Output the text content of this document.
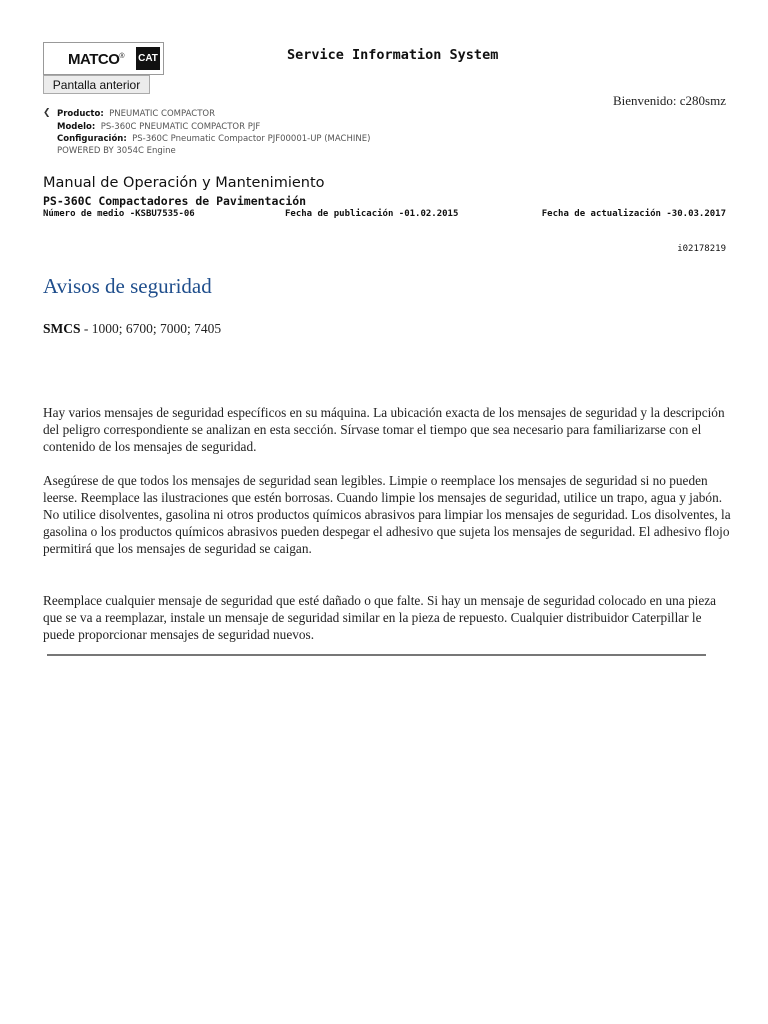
MATCO® CAT
Pantalla anterior
Service Information System
Bienvenido: c280smz
❮ Producto: PNEUMATIC COMPACTOR
Modelo: PS-360C PNEUMATIC COMPACTOR PJF
Configuración: PS-360C Pneumatic Compactor PJF00001-UP (MACHINE)
POWERED BY 3054C Engine
Manual de Operación y Mantenimiento
PS-360C Compactadores de Pavimentación
Número de medio -KSBU7535-06	Fecha de publicación -01.02.2015	Fecha de actualización -30.03.2017
i02178219
Avisos de seguridad
SMCS - 1000; 6700; 7000; 7405

Hay varios mensajes de seguridad específicos en su máquina. La ubicación exacta de los mensajes de seguridad y la descripción del peligro correspondiente se analizan en esta sección. Sírvase tomar el tiempo que sea necesario para familiarizarse con el contenido de los mensajes de seguridad.

Asegúrese de que todos los mensajes de seguridad sean legibles. Limpie o reemplace los mensajes de seguridad si no pueden leerse. Reemplace las ilustraciones que estén borrosas. Cuando limpie los mensajes de seguridad, utilice un trapo, agua y jabón. No utilice disolventes, gasolina ni otros productos químicos abrasivos para limpiar los mensajes de seguridad. Los disolventes, la gasolina o los productos químicos abrasivos pueden despegar el adhesivo que sujeta los mensajes de seguridad. El adhesivo flojo permitirá que los mensajes de seguridad se caigan.

Reemplace cualquier mensaje de seguridad que esté dañado o que falte. Si hay un mensaje de seguridad colocado en una pieza que se va a reemplazar, instale un mensaje de seguridad similar en la pieza de repuesto. Cualquier distribuidor Caterpillar le puede proporcionar mensajes de seguridad nuevos.
